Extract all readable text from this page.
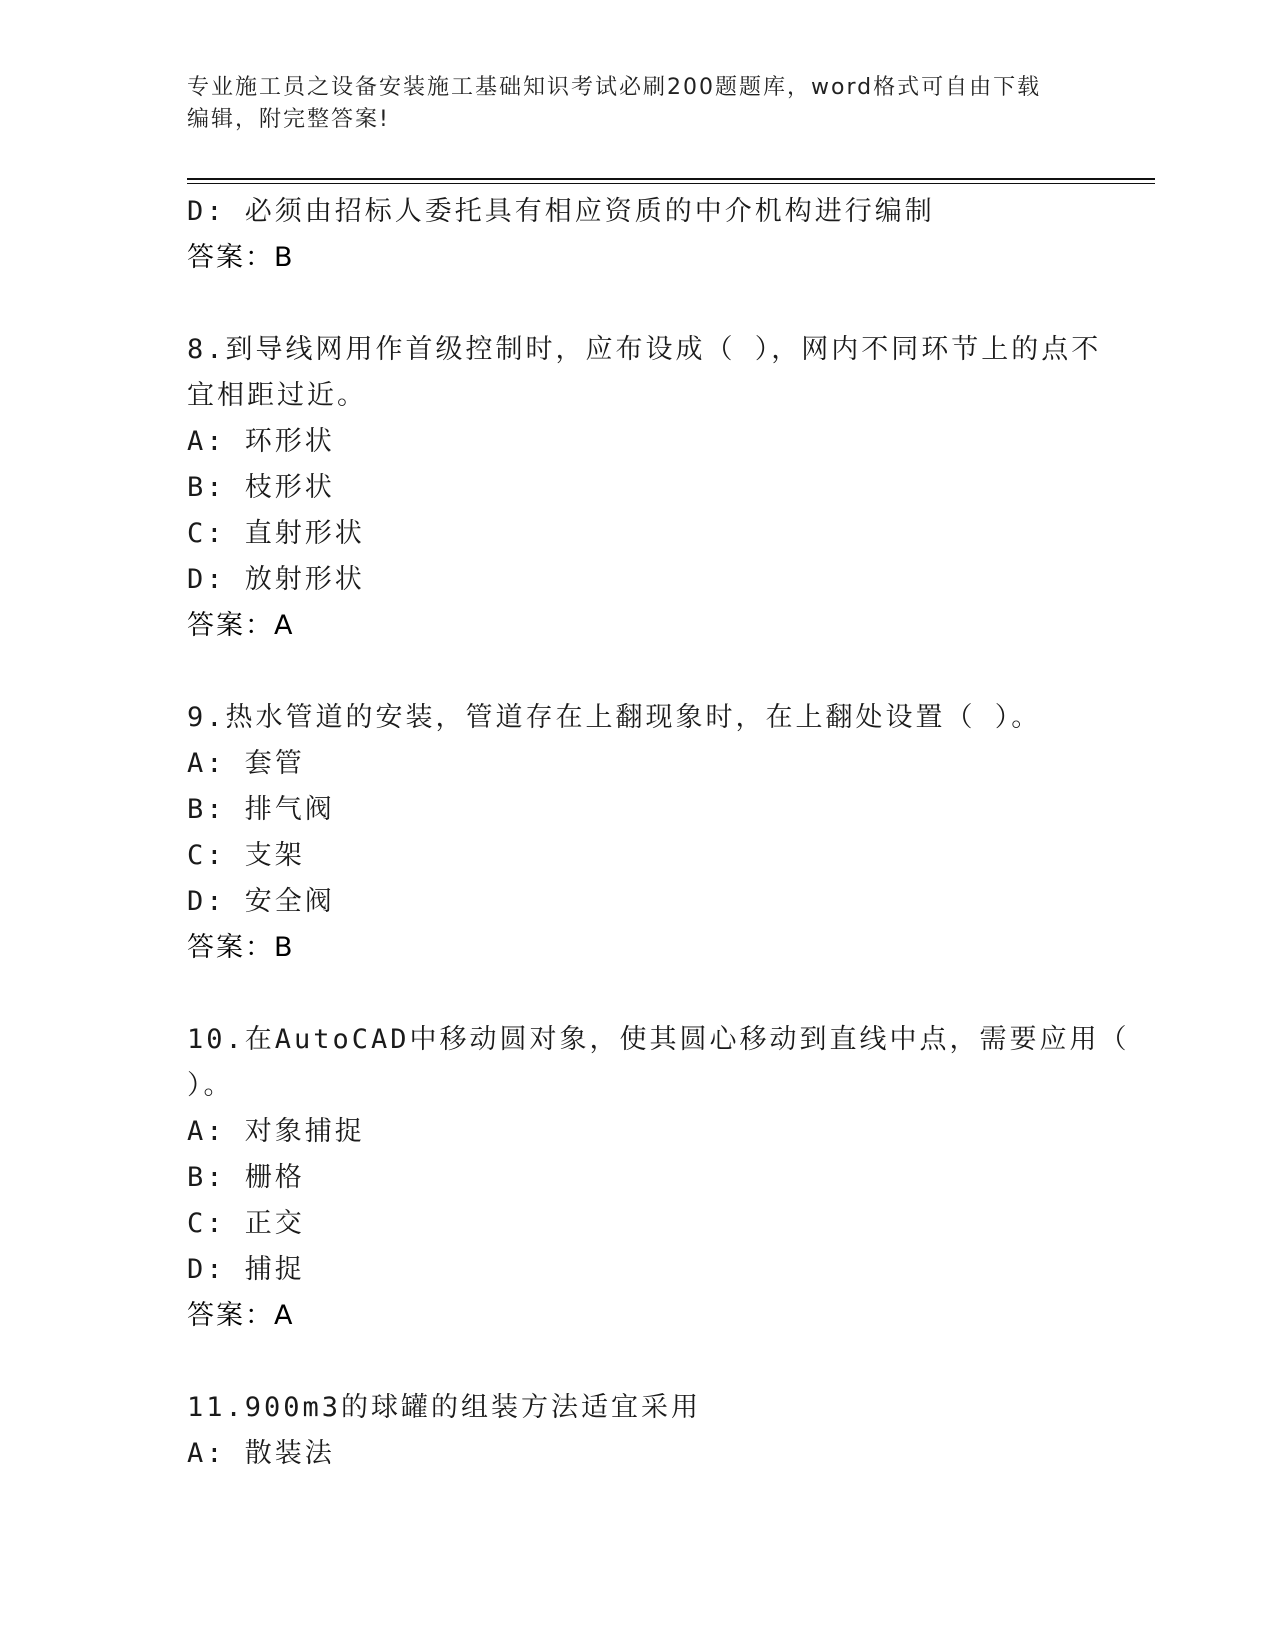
专业施工员之设备安装施工基础知识考试必刷200题题库，word格式可自由下载
编辑，附完整答案!
D: 必须由招标人委托具有相应资质的中介机构进行编制
答案：B
8.到导线网用作首级控制时，应布设成（ ），网内不同环节上的点不
宜相距过近。
A: 环形状
B: 枝形状
C: 直射形状
D: 放射形状
答案：A
9.热水管道的安装，管道存在上翻现象时，在上翻处设置（ ）。
A: 套管
B: 排气阀
C: 支架
D: 安全阀
答案：B
10.在AutoCAD中移动圆对象，使其圆心移动到直线中点，需要应用（
）。
A: 对象捕捉
B: 栅格
C: 正交
D: 捕捉
答案：A
11.900m3的球罐的组装方法适宜采用
A: 散装法
